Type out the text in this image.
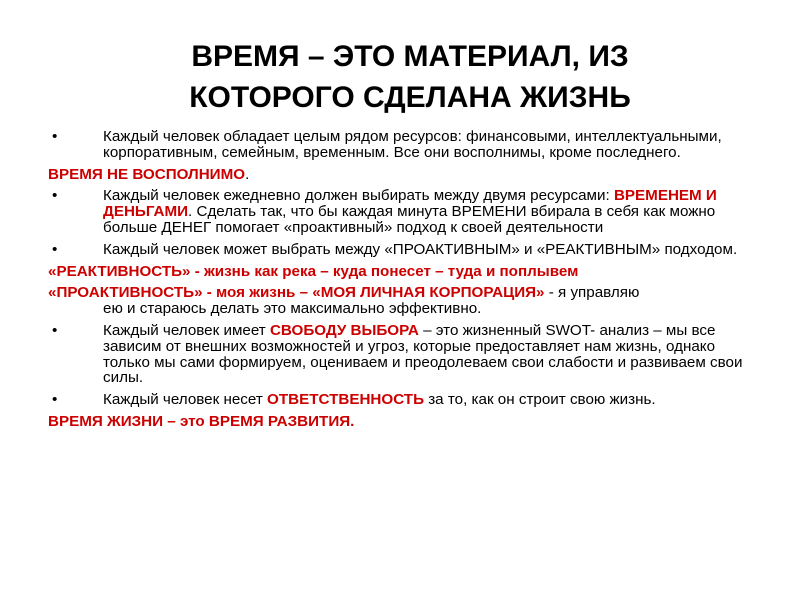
ВРЕМЯ – ЭТО МАТЕРИАЛ, ИЗ
КОТОРОГО СДЕЛАНА ЖИЗНЬ
•	Каждый человек обладает целым рядом ресурсов: финансовыми, интеллектуальными, корпоративным, семейным, временным. Все они восполнимы, кроме последнего.
ВРЕМЯ НЕ ВОСПОЛНИМО.
•	Каждый человек ежедневно должен выбирать между двумя ресурсами: ВРЕМЕНЕМ И ДЕНЬГАМИ. Сделать так, что бы каждая минута ВРЕМЕНИ вбирала в себя как можно больше ДЕНЕГ помогает «проактивный» подход к своей деятельности
•	Каждый человек может выбрать между «ПРОАКТИВНЫМ» и «РЕАКТИВНЫМ» подходом.
«РЕАКТИВНОСТЬ» - жизнь как река – куда понесет – туда и поплывем
«ПРОАКТИВНОСТЬ» - моя жизнь – «МОЯ ЛИЧНАЯ КОРПОРАЦИЯ» - я управляю
ею и стараюсь делать это максимально эффективно.
•	Каждый человек имеет СВОБОДУ ВЫБОРА – это жизненный SWOT- анализ – мы все зависим от внешних возможностей и угроз, которые предоставляет нам жизнь, однако только мы сами формируем, оцениваем и преодолеваем свои слабости и развиваем свои силы.
•	Каждый человек несет ОТВЕТСТВЕННОСТЬ за то, как он строит свою жизнь.
ВРЕМЯ ЖИЗНИ – это ВРЕМЯ РАЗВИТИЯ.
